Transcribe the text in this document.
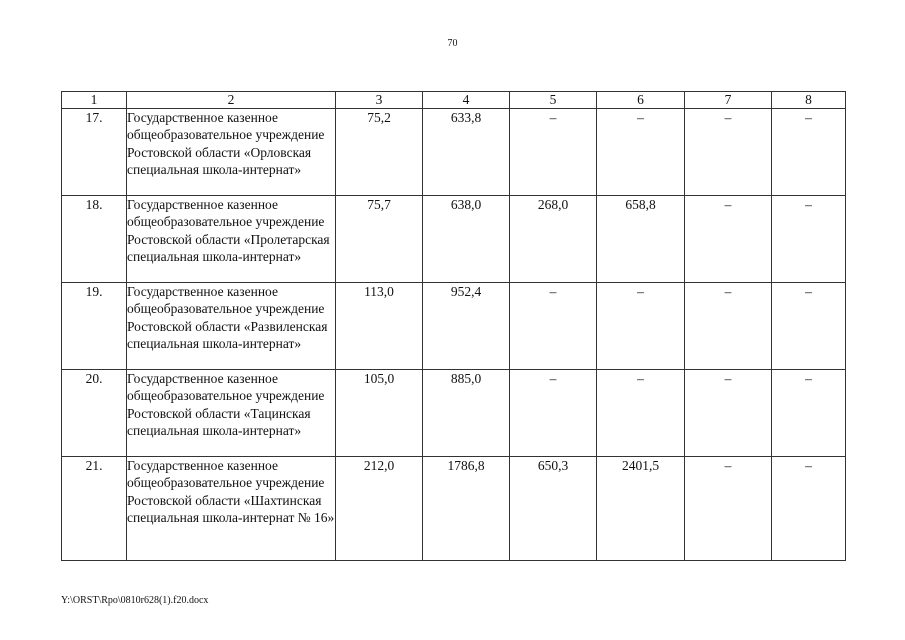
70
1	2	3	4	5	6	7	8
17.	Государственное казенное общеобразовательное учреждение Ростовской области «Орловская специальная школа-интернат»	75,2	633,8	–	–	–	–
18.	Государственное казенное общеобразовательное учреждение Ростовской области «Пролетарская специальная школа-интернат»	75,7	638,0	268,0	658,8	–	–
19.	Государственное казенное общеобразовательное учреждение Ростовской области «Развиленская специальная школа-интернат»	113,0	952,4	–	–	–	–
20.	Государственное казенное общеобразовательное учреждение Ростовской области «Тацинская специальная школа-интернат»	105,0	885,0	–	–	–	–
21.	Государственное казенное общеобразовательное учреждение Ростовской области «Шахтинская специальная школа-интернат № 16»	212,0	1786,8	650,3	2401,5	–	–
Y:\ORST\Rpo\0810r628(1).f20.docx
